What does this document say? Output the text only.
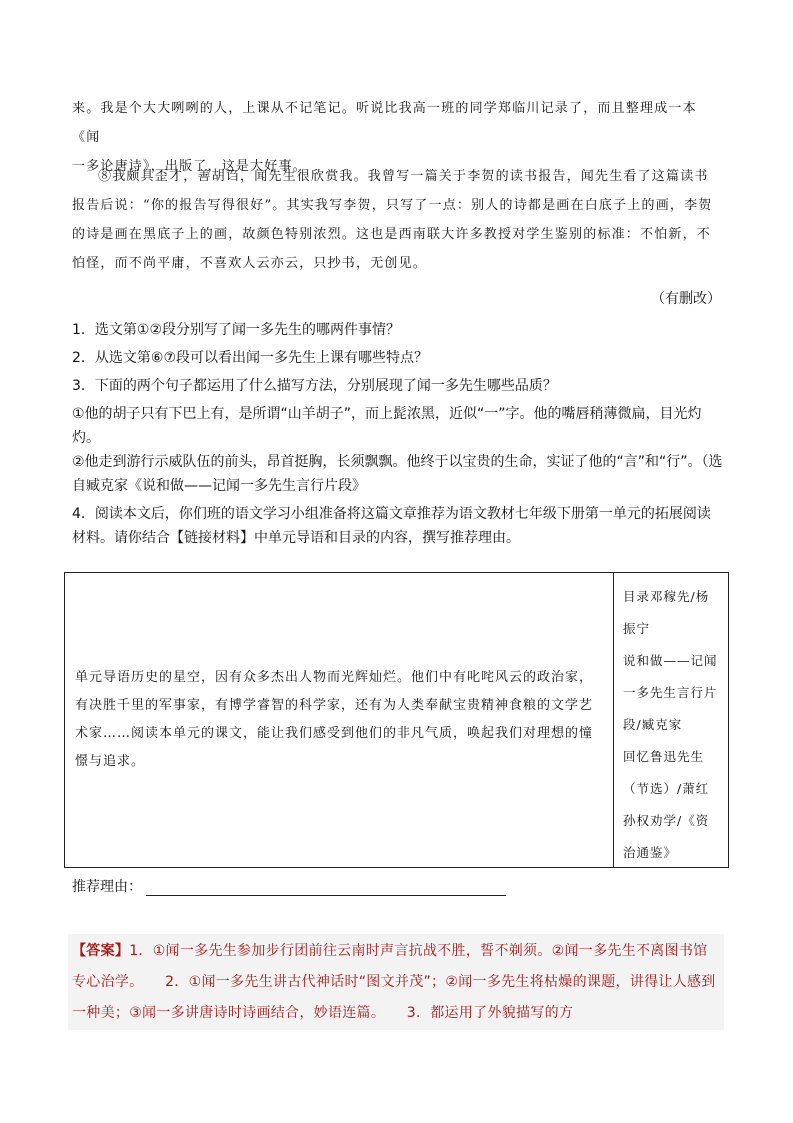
来。我是个大大咧咧的人，上课从不记笔记。听说比我高一班的同学郑临川记录了，而且整理成一本《闻

一多论唐诗》，出版了，这是大好事。

⑧我颇具歪才，善胡诌，闻先生很欣赏我。我曾写一篇关于李贺的读书报告，闻先生看了这篇读书报告后说：“你的报告写得很好”。其实我写李贺，只写了一点：别人的诗都是画在白底子上的画，李贺的诗是画在黑底子上的画，故颜色特别浓烈。这也是西南联大许多教授对学生鉴别的标准：不怕新，不怕怪，而不尚平庸，不喜欢人云亦云，只抄书，无创见。

（有删改）

1．选文第①②段分别写了闻一多先生的哪两件事情？

2．从选文第⑥⑦段可以看出闻一多先生上课有哪些特点？

3．下面的两个句子都运用了什么描写方法，分别展现了闻一多先生哪些品质？

①他的胡子只有下巴上有，是所谓“山羊胡子”，而上髭浓黑，近似“一”字。他的嘴唇稍薄微扁，目光灼灼。

②他走到游行示威队伍的前头，昂首挺胸，长须飘飘。他终于以宝贵的生命，实证了他的“言”和“行”。（选自臧克家《说和做——记闻一多先生言行片段》

4．阅读本文后，你们班的语文学习小组准备将这篇文章推荐为语文教材七年级下册第一单元的拓展阅读材料。请你结合【链接材料】中单元导语和目录的内容，撰写推荐理由。

单元导语历史的星空，因有众多杰出人物而光辉灿烂。他们中有叱咤风云的政治家，有决胜千里的军事家，有博学睿智的科学家，还有为人类奉献宝贵精神食粮的文学艺术家……阅读本单元的课文，能让我们感受到他们的非凡气质，唤起我们对理想的憧憬与追求。
目录邓稼先/杨
振宁
说和做——记闻
一多先生言行片
段/臧克家
回忆鲁迅先生
（节选）/萧红
孙权劝学/《资
治通鉴》
推荐理由：

【答案】1．①闻一多先生参加步行团前往云南时声言抗战不胜，誓不剃须。②闻一多先生不离图书馆专心治学。　　2．①闻一多先生讲古代神话时“图文并茂”；②闻一多先生将枯燥的课题，讲得让人感到一种美；③闻一多讲唐诗时诗画结合，妙语连篇。　　3．都运用了外貌描写的方
